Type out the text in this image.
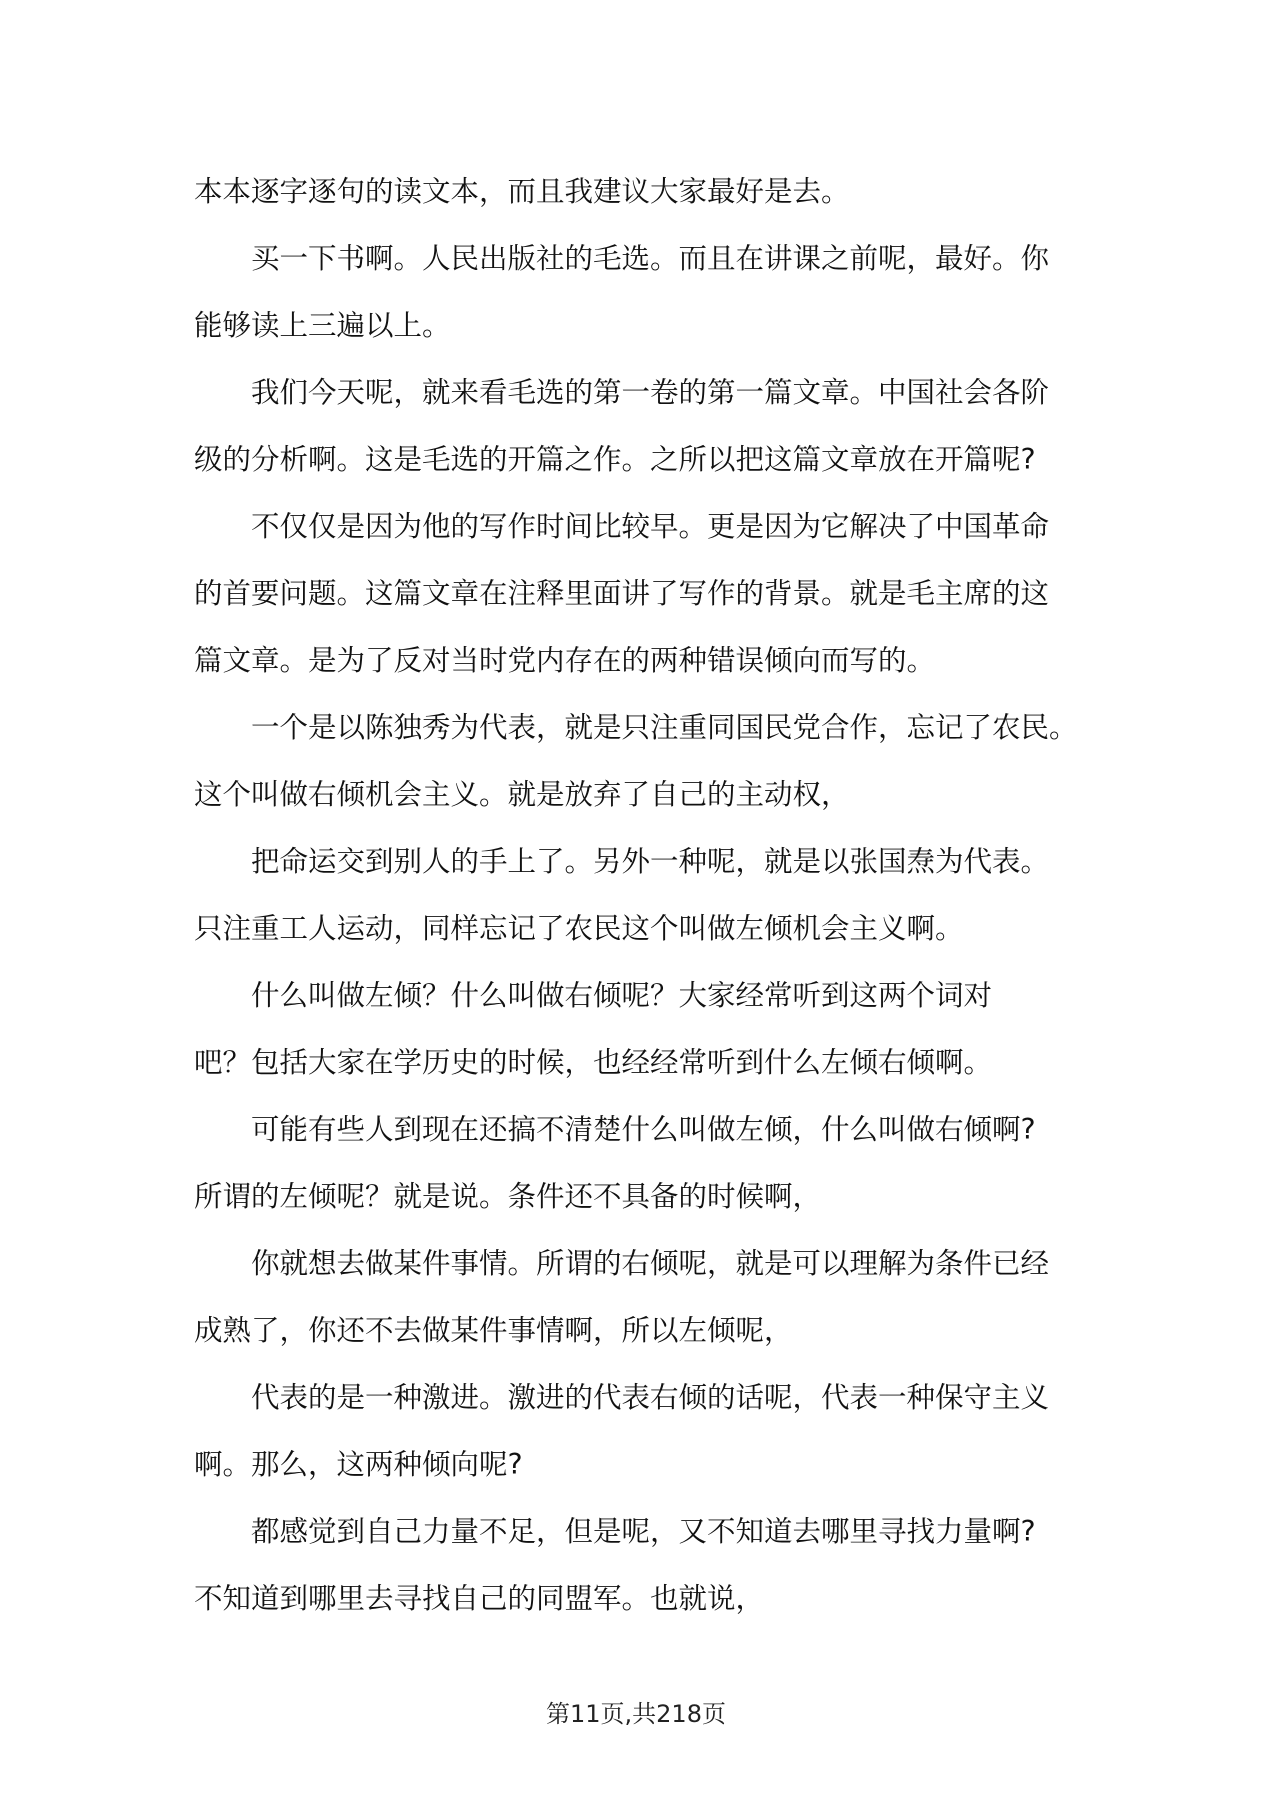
本本逐字逐句的读文本，而且我建议大家最好是去。

买一下书啊。人民出版社的毛选。而且在讲课之前呢，最好。你

能够读上三遍以上。

我们今天呢，就来看毛选的第一卷的第一篇文章。中国社会各阶

级的分析啊。这是毛选的开篇之作。之所以把这篇文章放在开篇呢?

不仅仅是因为他的写作时间比较早。更是因为它解决了中国革命

的首要问题。这篇文章在注释里面讲了写作的背景。就是毛主席的这

篇文章。是为了反对当时党内存在的两种错误倾向而写的。

一个是以陈独秀为代表，就是只注重同国民党合作，忘记了农民。

这个叫做右倾机会主义。就是放弃了自己的主动权，

把命运交到别人的手上了。另外一种呢，就是以张国焘为代表。

只注重工人运动，同样忘记了农民这个叫做左倾机会主义啊。

什么叫做左倾？什么叫做右倾呢？大家经常听到这两个词对

吧？包括大家在学历史的时候，也经经常听到什么左倾右倾啊。

可能有些人到现在还搞不清楚什么叫做左倾，什么叫做右倾啊?

所谓的左倾呢？就是说。条件还不具备的时候啊，

你就想去做某件事情。所谓的右倾呢，就是可以理解为条件已经

成熟了，你还不去做某件事情啊，所以左倾呢，

代表的是一种激进。激进的代表右倾的话呢，代表一种保守主义

啊。那么，这两种倾向呢?

都感觉到自己力量不足，但是呢，又不知道去哪里寻找力量啊?

不知道到哪里去寻找自己的同盟军。也就说，

第11页,共218页
